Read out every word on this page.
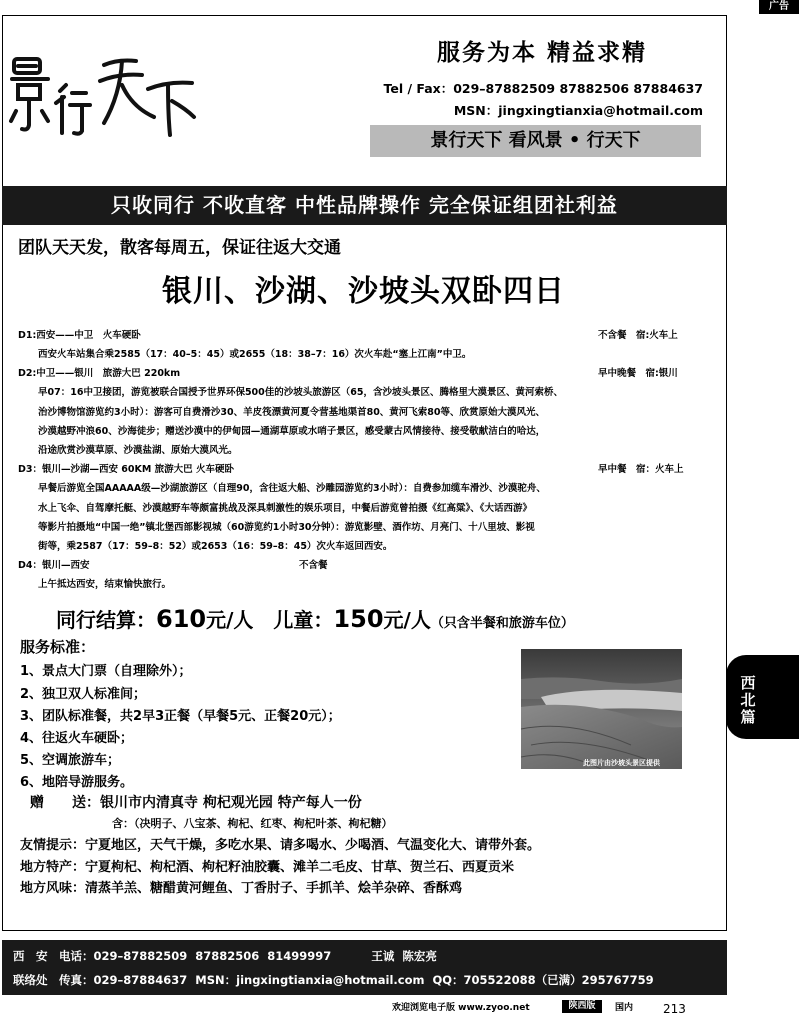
广告
服务为本 精益求精
Tel / Fax：029–87882509 87882506 87884637
MSN：jingxingtianxia@hotmail.com
景行天下 看风景 • 行天下
只收同行 不收直客 中性品牌操作 完全保证组团社利益
团队天天发，散客每周五，保证往返大交通
银川、沙湖、沙坡头双卧四日
D1:西安——中卫　火车硬卧	不含餐　宿:火车上
西安火车站集合乘2585（17：40–5：45）或2655（18：38–7：16）次火车赴“塞上江南”中卫。
D2:中卫——银川　旅游大巴 220km	早中晚餐　宿:银川
早07：16中卫接团，游览被联合国授予世界环保500佳的沙坡头旅游区（65，含沙坡头景区、腾格里大漠景区、黄河索桥、
治沙博物馆游览约3小时）：游客可自费滑沙30、羊皮筏漂黄河夏令营基地渠首80、黄河飞索80等、欣赏原始大漠风光、
沙漠越野冲浪60、沙海徒步；赠送沙漠中的伊甸园—通湖草原或水哨子景区，感受蒙古风情接待、接受敬献洁白的哈达，
沿途欣赏沙漠草原、沙漠盐湖、原始大漠风光。
D3：银川—沙湖—西安 60KM 旅游大巴 火车硬卧	早中餐　宿：火车上
早餐后游览全国AAAAA级—沙湖旅游区（自理90，含往返大船、沙雕园游览约3小时）：自费参加缆车滑沙、沙漠驼舟、
水上飞伞、自驾摩托艇、沙漠越野车等颇富挑战及深具刺激性的娱乐项目，中餐后游览曾拍摄《红高粱》、《大话西游》
等影片拍摄地“中国一绝”镇北堡西部影视城（60游览约1小时30分钟）：游览影壁、酒作坊、月亮门、十八里坡、影视
街等，乘2587（17：59–8：52）或2653（16：59–8：45）次火车返回西安。
D4：银川—西安	不含餐
上午抵达西安，结束愉快旅行。
同行结算：610元/人　儿童：150元/人（只含半餐和旅游车位）
服务标准：
1、景点大门票（自理除外）；
2、独卫双人标准间；
3、团队标准餐，共2早3正餐（早餐5元、正餐20元）；
4、往返火车硬卧；
5、空调旅游车；
6、地陪导游服务。
此图片由沙坡头景区提供
西北篇
赠　　送：银川市内清真寺 枸杞观光园 特产每人一份
含：（决明子、八宝茶、枸杞、红枣、枸杞叶茶、枸杞糖）
友情提示：宁夏地区，天气干燥，多吃水果、请多喝水、少喝酒、气温变化大、请带外套。
地方特产：宁夏枸杞、枸杞酒、枸杞籽油胶囊、滩羊二毛皮、甘草、贺兰石、西夏贡米
地方风味：清蒸羊羔、糖醋黄河鲤鱼、丁香肘子、手抓羊、烩羊杂碎、香酥鸡
西　安　电话：029–87882509  87882506  81499997          王诚  陈宏亮
联络处　传真：029–87884637  MSN：jingxingtianxia@hotmail.com  QQ：705522088（已满）295767759
欢迎浏览电子版 www.zyoo.net	陕西版	国内 213
